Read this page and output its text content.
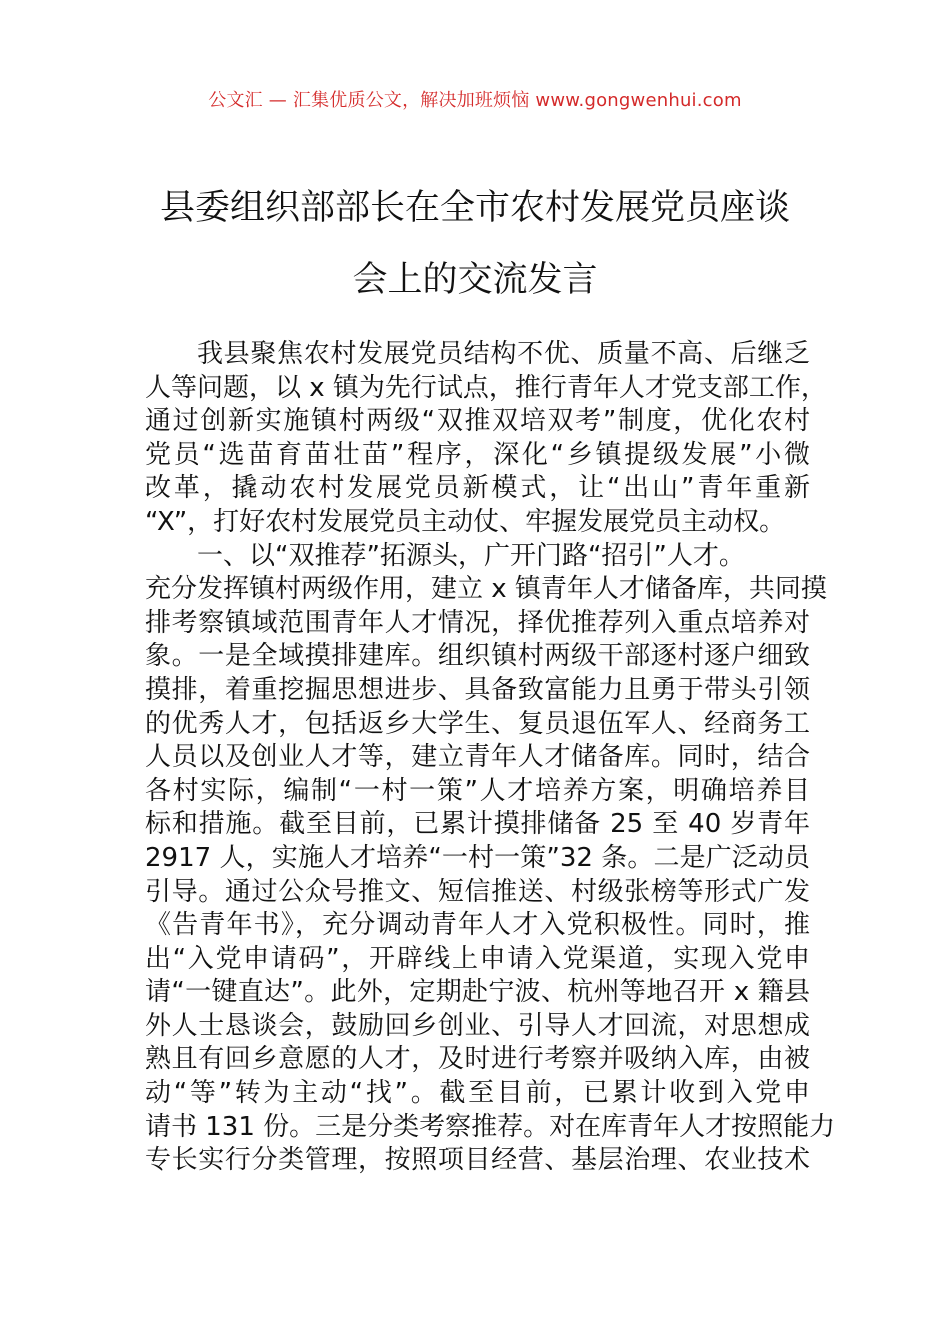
公文汇 — 汇集优质公文，解决加班烦恼 www.gongwenhui.com
县委组织部部长在全市农村发展党员座谈
会上的交流发言
我县聚焦农村发展党员结构不优、质量不高、后继乏
人等问题，以 x 镇为先行试点，推行青年人才党支部工作，
通过创新实施镇村两级“双推双培双考”制度，优化农村
党员“选苗育苗壮苗”程序，深化“乡镇提级发展”小微
改革，撬动农村发展党员新模式，让“出山”青年重新
“X”，打好农村发展党员主动仗、牢握发展党员主动权。
一、以“双推荐”拓源头，广开门路“招引”人才。
充分发挥镇村两级作用，建立 x 镇青年人才储备库，共同摸
排考察镇域范围青年人才情况，择优推荐列入重点培养对
象。一是全域摸排建库。组织镇村两级干部逐村逐户细致
摸排，着重挖掘思想进步、具备致富能力且勇于带头引领
的优秀人才，包括返乡大学生、复员退伍军人、经商务工
人员以及创业人才等，建立青年人才储备库。同时，结合
各村实际，编制“一村一策”人才培养方案，明确培养目
标和措施。截至目前，已累计摸排储备 25 至 40 岁青年
2917 人，实施人才培养“一村一策”32 条。二是广泛动员
引导。通过公众号推文、短信推送、村级张榜等形式广发
《告青年书》，充分调动青年人才入党积极性。同时，推
出“入党申请码”，开辟线上申请入党渠道，实现入党申
请“一键直达”。此外，定期赴宁波、杭州等地召开 x 籍县
外人士恳谈会，鼓励回乡创业、引导人才回流，对思想成
熟且有回乡意愿的人才，及时进行考察并吸纳入库，由被
动“等”转为主动“找”。截至目前，已累计收到入党申
请书 131 份。三是分类考察推荐。对在库青年人才按照能力
专长实行分类管理，按照项目经营、基层治理、农业技术
